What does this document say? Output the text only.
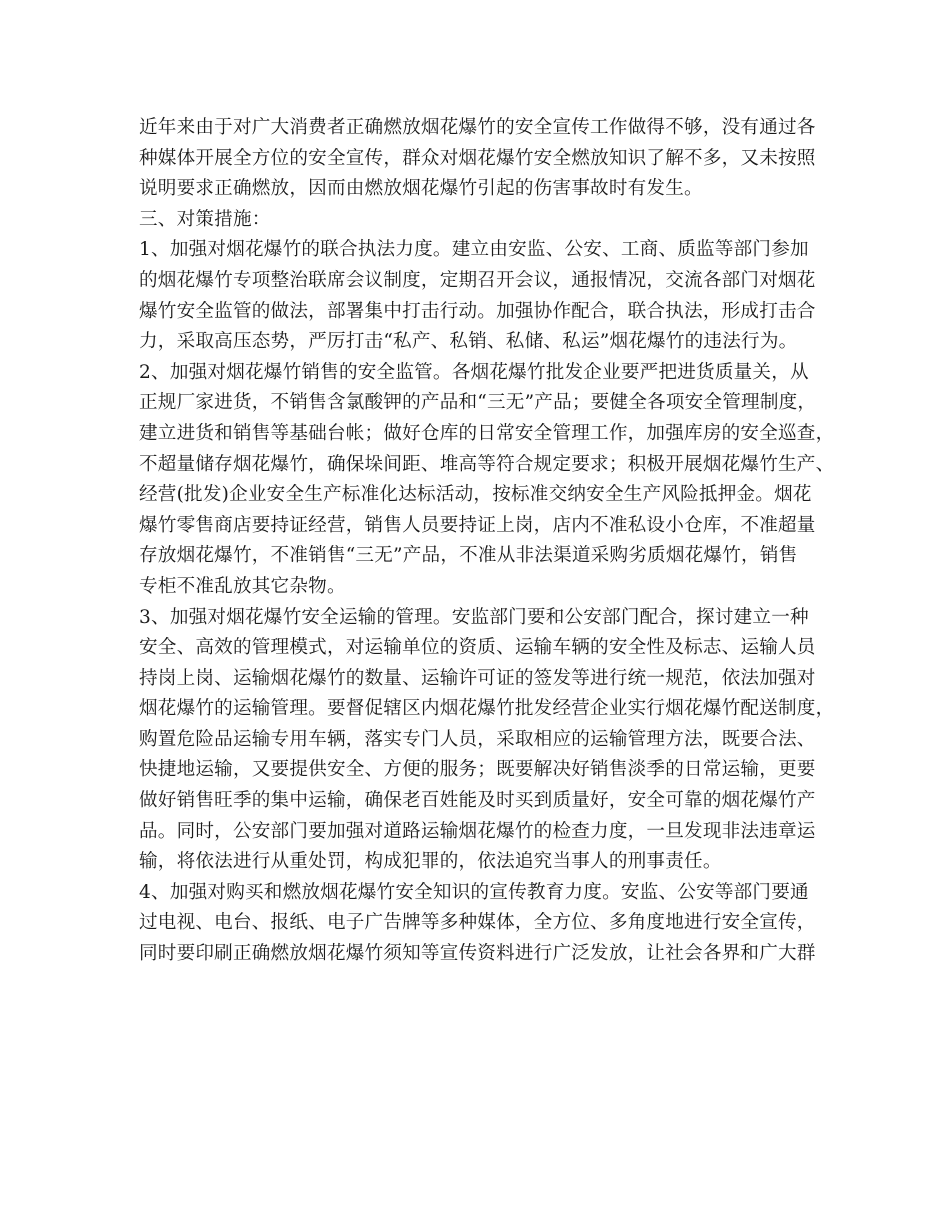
近年来由于对广大消费者正确燃放烟花爆竹的安全宣传工作做得不够，没有通过各
种媒体开展全方位的安全宣传，群众对烟花爆竹安全燃放知识了解不多，又未按照
说明要求正确燃放，因而由燃放烟花爆竹引起的伤害事故时有发生。
三、对策措施：
1、加强对烟花爆竹的联合执法力度。建立由安监、公安、工商、质监等部门参加
的烟花爆竹专项整治联席会议制度，定期召开会议，通报情况，交流各部门对烟花
爆竹安全监管的做法，部署集中打击行动。加强协作配合，联合执法，形成打击合
力，采取高压态势，严厉打击“私产、私销、私储、私运”烟花爆竹的违法行为。
2、加强对烟花爆竹销售的安全监管。各烟花爆竹批发企业要严把进货质量关，从
正规厂家进货，不销售含氯酸钾的产品和“三无”产品；要健全各项安全管理制度，
建立进货和销售等基础台帐；做好仓库的日常安全管理工作，加强库房的安全巡查，
不超量储存烟花爆竹，确保垛间距、堆高等符合规定要求；积极开展烟花爆竹生产、
经营(批发)企业安全生产标准化达标活动，按标准交纳安全生产风险抵押金。烟花
爆竹零售商店要持证经营，销售人员要持证上岗，店内不准私设小仓库，不准超量
存放烟花爆竹，不准销售“三无”产品，不准从非法渠道采购劣质烟花爆竹，销售
专柜不准乱放其它杂物。
3、加强对烟花爆竹安全运输的管理。安监部门要和公安部门配合，探讨建立一种
安全、高效的管理模式，对运输单位的资质、运输车辆的安全性及标志、运输人员
持岗上岗、运输烟花爆竹的数量、运输许可证的签发等进行统一规范，依法加强对
烟花爆竹的运输管理。要督促辖区内烟花爆竹批发经营企业实行烟花爆竹配送制度，
购置危险品运输专用车辆，落实专门人员，采取相应的运输管理方法，既要合法、
快捷地运输，又要提供安全、方便的服务；既要解决好销售淡季的日常运输，更要
做好销售旺季的集中运输，确保老百姓能及时买到质量好，安全可靠的烟花爆竹产
品。同时，公安部门要加强对道路运输烟花爆竹的检查力度，一旦发现非法违章运
输，将依法进行从重处罚，构成犯罪的，依法追究当事人的刑事责任。
4、加强对购买和燃放烟花爆竹安全知识的宣传教育力度。安监、公安等部门要通
过电视、电台、报纸、电子广告牌等多种媒体，全方位、多角度地进行安全宣传，
同时要印刷正确燃放烟花爆竹须知等宣传资料进行广泛发放，让社会各界和广大群
